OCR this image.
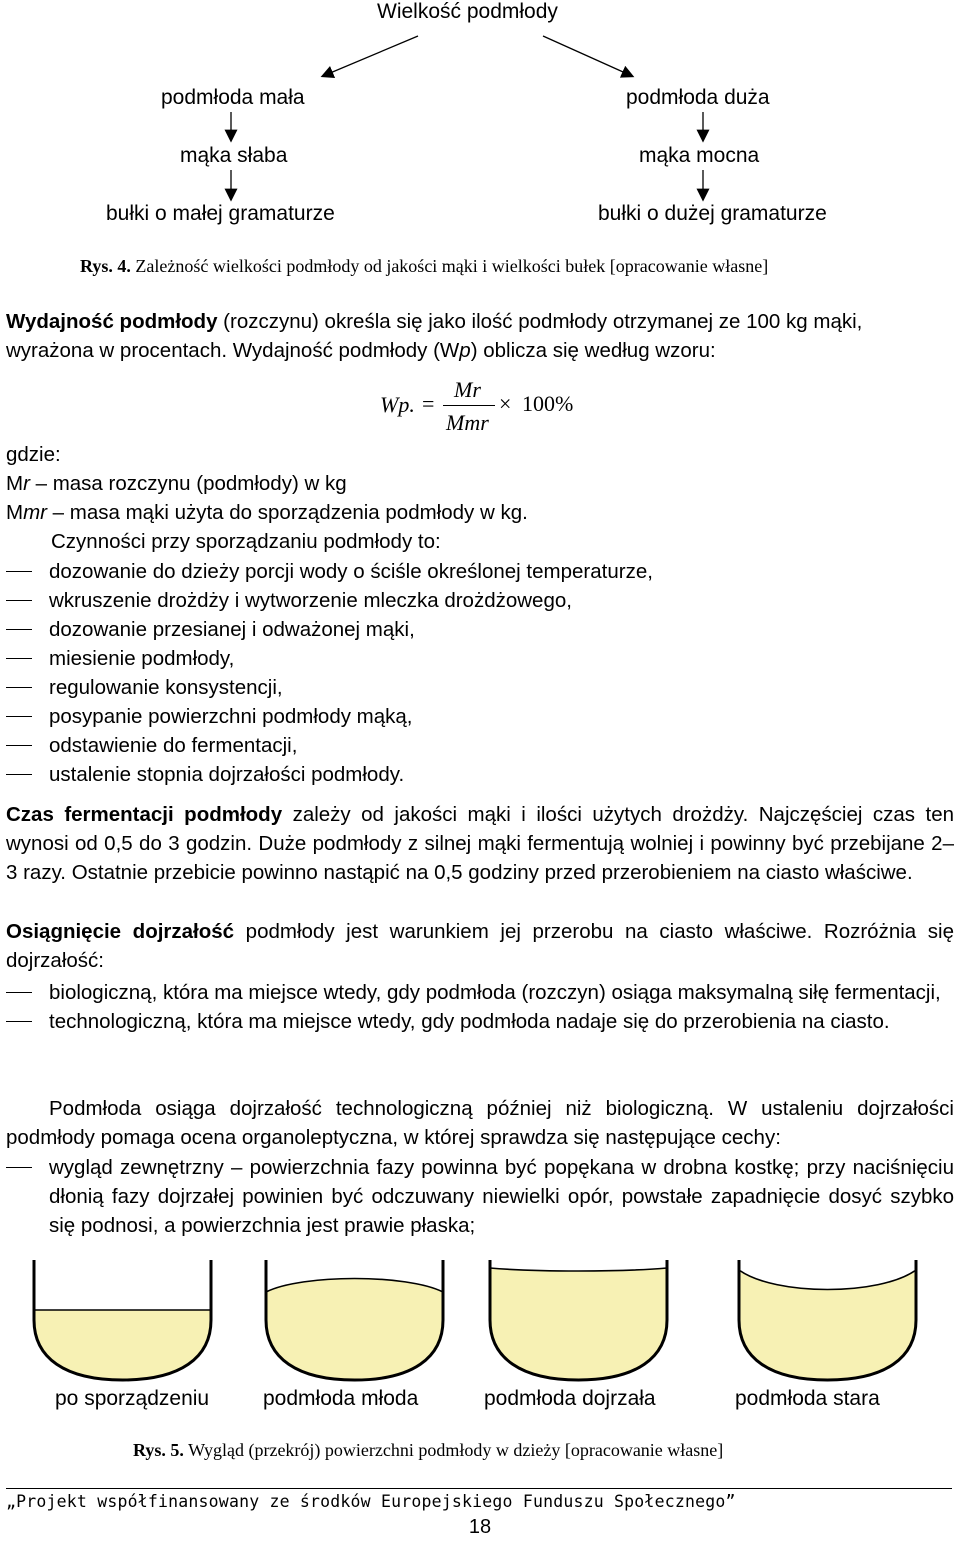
Wielkość podmłody
podmłoda mała
mąka słaba
bułki o małej gramaturze
podmłoda duża
mąka mocna
bułki o dużej gramaturze
Rys. 4. Zależność wielkości podmłody od jakości mąki i wielkości bułek [opracowanie własne]
Wydajność podmłody (rozczynu) określa się jako ilość podmłody otrzymanej ze 100 kg mąki, wyrażona w procentach. Wydajność podmłody (Wp) oblicza się według wzoru:
Wp. =
Mr
Mmr
× 100%
gdzie:
Mr – masa rozczynu (podmłody) w kg
Mmr – masa mąki użyta do sporządzenia podmłody w kg.
Czynności przy sporządzaniu podmłody to:
dozowanie do dzieży porcji wody o ściśle określonej temperaturze,
wkruszenie drożdży i wytworzenie mleczka drożdżowego,
dozowanie przesianej i odważonej mąki,
miesienie podmłody,
regulowanie konsystencji,
posypanie powierzchni podmłody mąką,
odstawienie do fermentacji,
ustalenie stopnia dojrzałości podmłody.
Czas fermentacji podmłody zależy od jakości mąki i ilości użytych drożdży. Najczęściej czas ten wynosi od 0,5 do 3 godzin. Duże podmłody z silnej mąki fermentują wolniej i powinny być przebijane 2–3 razy. Ostatnie przebicie powinno nastąpić na 0,5 godziny przed przerobieniem na ciasto właściwe.
Osiągnięcie dojrzałość podmłody jest warunkiem jej przerobu na ciasto właściwe. Rozróżnia się dojrzałość:
biologiczną, która ma miejsce wtedy, gdy podmłoda (rozczyn) osiąga maksymalną siłę fermentacji,
technologiczną, która ma miejsce wtedy, gdy podmłoda nadaje się do przerobienia na ciasto.
Podmłoda osiąga dojrzałość technologiczną później niż biologiczną. W ustaleniu dojrzałości podmłody pomaga ocena organoleptyczna, w której sprawdza się następujące cechy:
wygląd zewnętrzny – powierzchnia fazy powinna być popękana w drobna kostkę; przy naciśnięciu dłonią fazy dojrzałej powinien być odczuwany niewielki opór, powstałe zapadnięcie dosyć szybko się podnosi, a powierzchnia jest prawie płaska;
po sporządzeniu	podmłoda młoda	podmłoda dojrzała	podmłoda stara
Rys. 5. Wygląd (przekrój) powierzchni podmłody w dzieży [opracowanie własne]
„Projekt współfinansowany ze środków Europejskiego Funduszu Społecznego”
18
